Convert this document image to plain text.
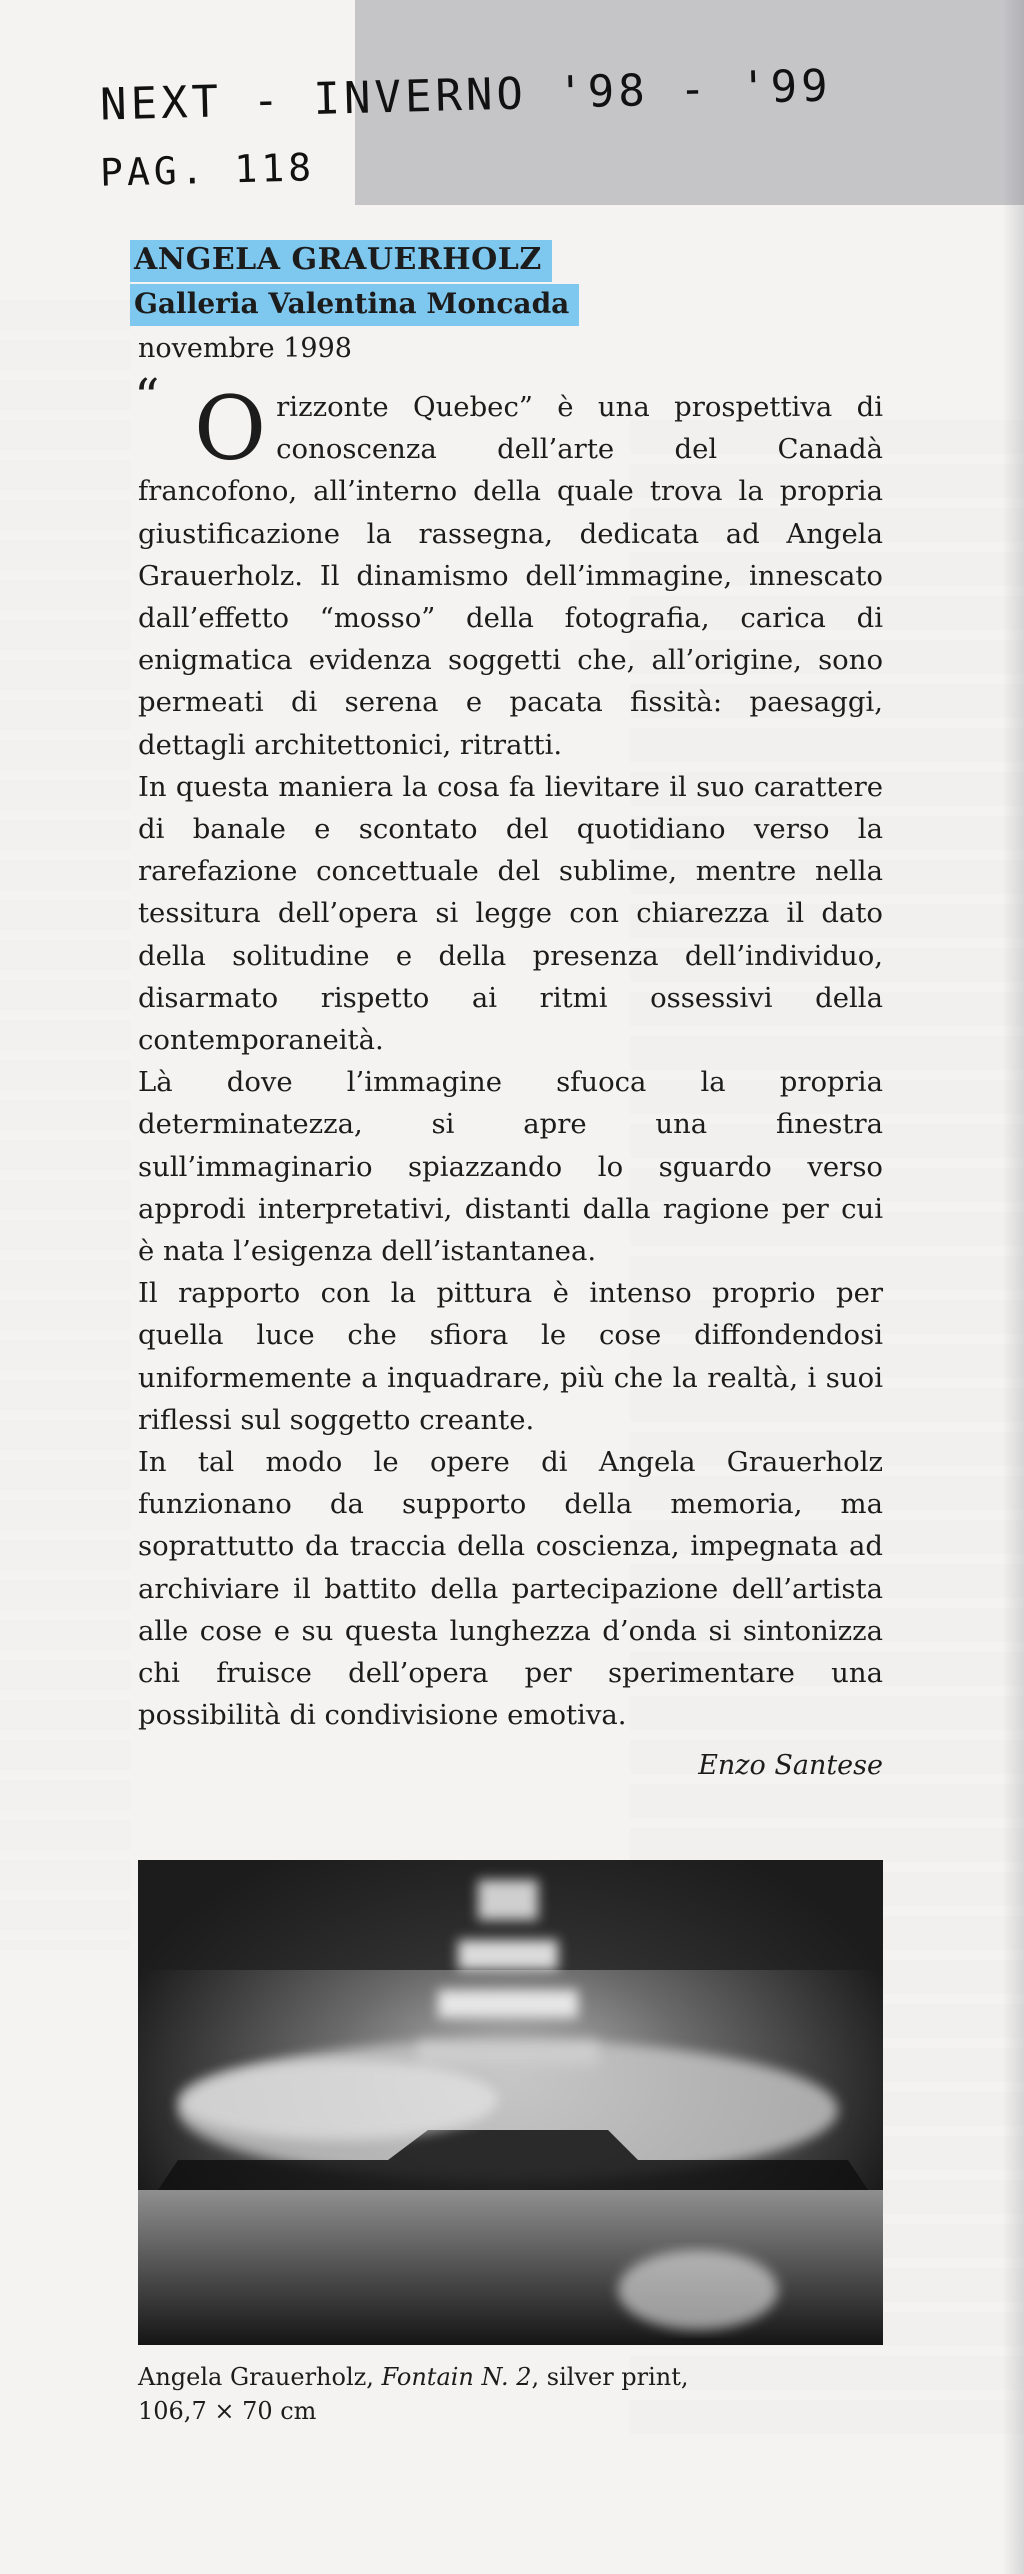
NEXT - INVERNO '98 - '99
PAG. 118
ANGELA GRAUERHOLZ
Galleria Valentina Moncada
novembre 1998

“ O rizzonte Quebec” è una prospettiva di conoscenza dell’arte del Canadà francofono, all’interno della quale trova la propria giustificazione la rassegna, dedicata ad Angela Grauerholz. Il dinamismo dell’immagine, innescato dall’effetto “mosso” della fotografia, carica di enigmatica evidenza soggetti che, all’origine, sono permeati di serena e pacata fissità: paesaggi, dettagli architettonici, ritratti.

In questa maniera la cosa fa lievitare il suo carattere di banale e scontato del quotidiano verso la rarefazione concettuale del sublime, mentre nella tessitura dell’opera si legge con chiarezza il dato della solitudine e della presenza dell’individuo, disarmato rispetto ai ritmi ossessivi della contemporaneità.

Là dove l’immagine sfuoca la propria determinatezza, si apre una finestra sull’immaginario spiazzando lo sguardo verso approdi interpretativi, distanti dalla ragione per cui è nata l’esigenza dell’istantanea.

Il rapporto con la pittura è intenso proprio per quella luce che sfiora le cose diffondendosi uniformemente a inquadrare, più che la realtà, i suoi riflessi sul soggetto creante.

In tal modo le opere di Angela Grauerholz funzionano da supporto della memoria, ma soprattutto da traccia della coscienza, impegnata ad archiviare il battito della partecipazione dell’artista alle cose e su questa lunghezza d’onda si sintonizza chi fruisce dell’opera per sperimentare una possibilità di condivisione emotiva.

Enzo Santese
Angela Grauerholz, Fontain N. 2, silver print,
106,7 × 70 cm
